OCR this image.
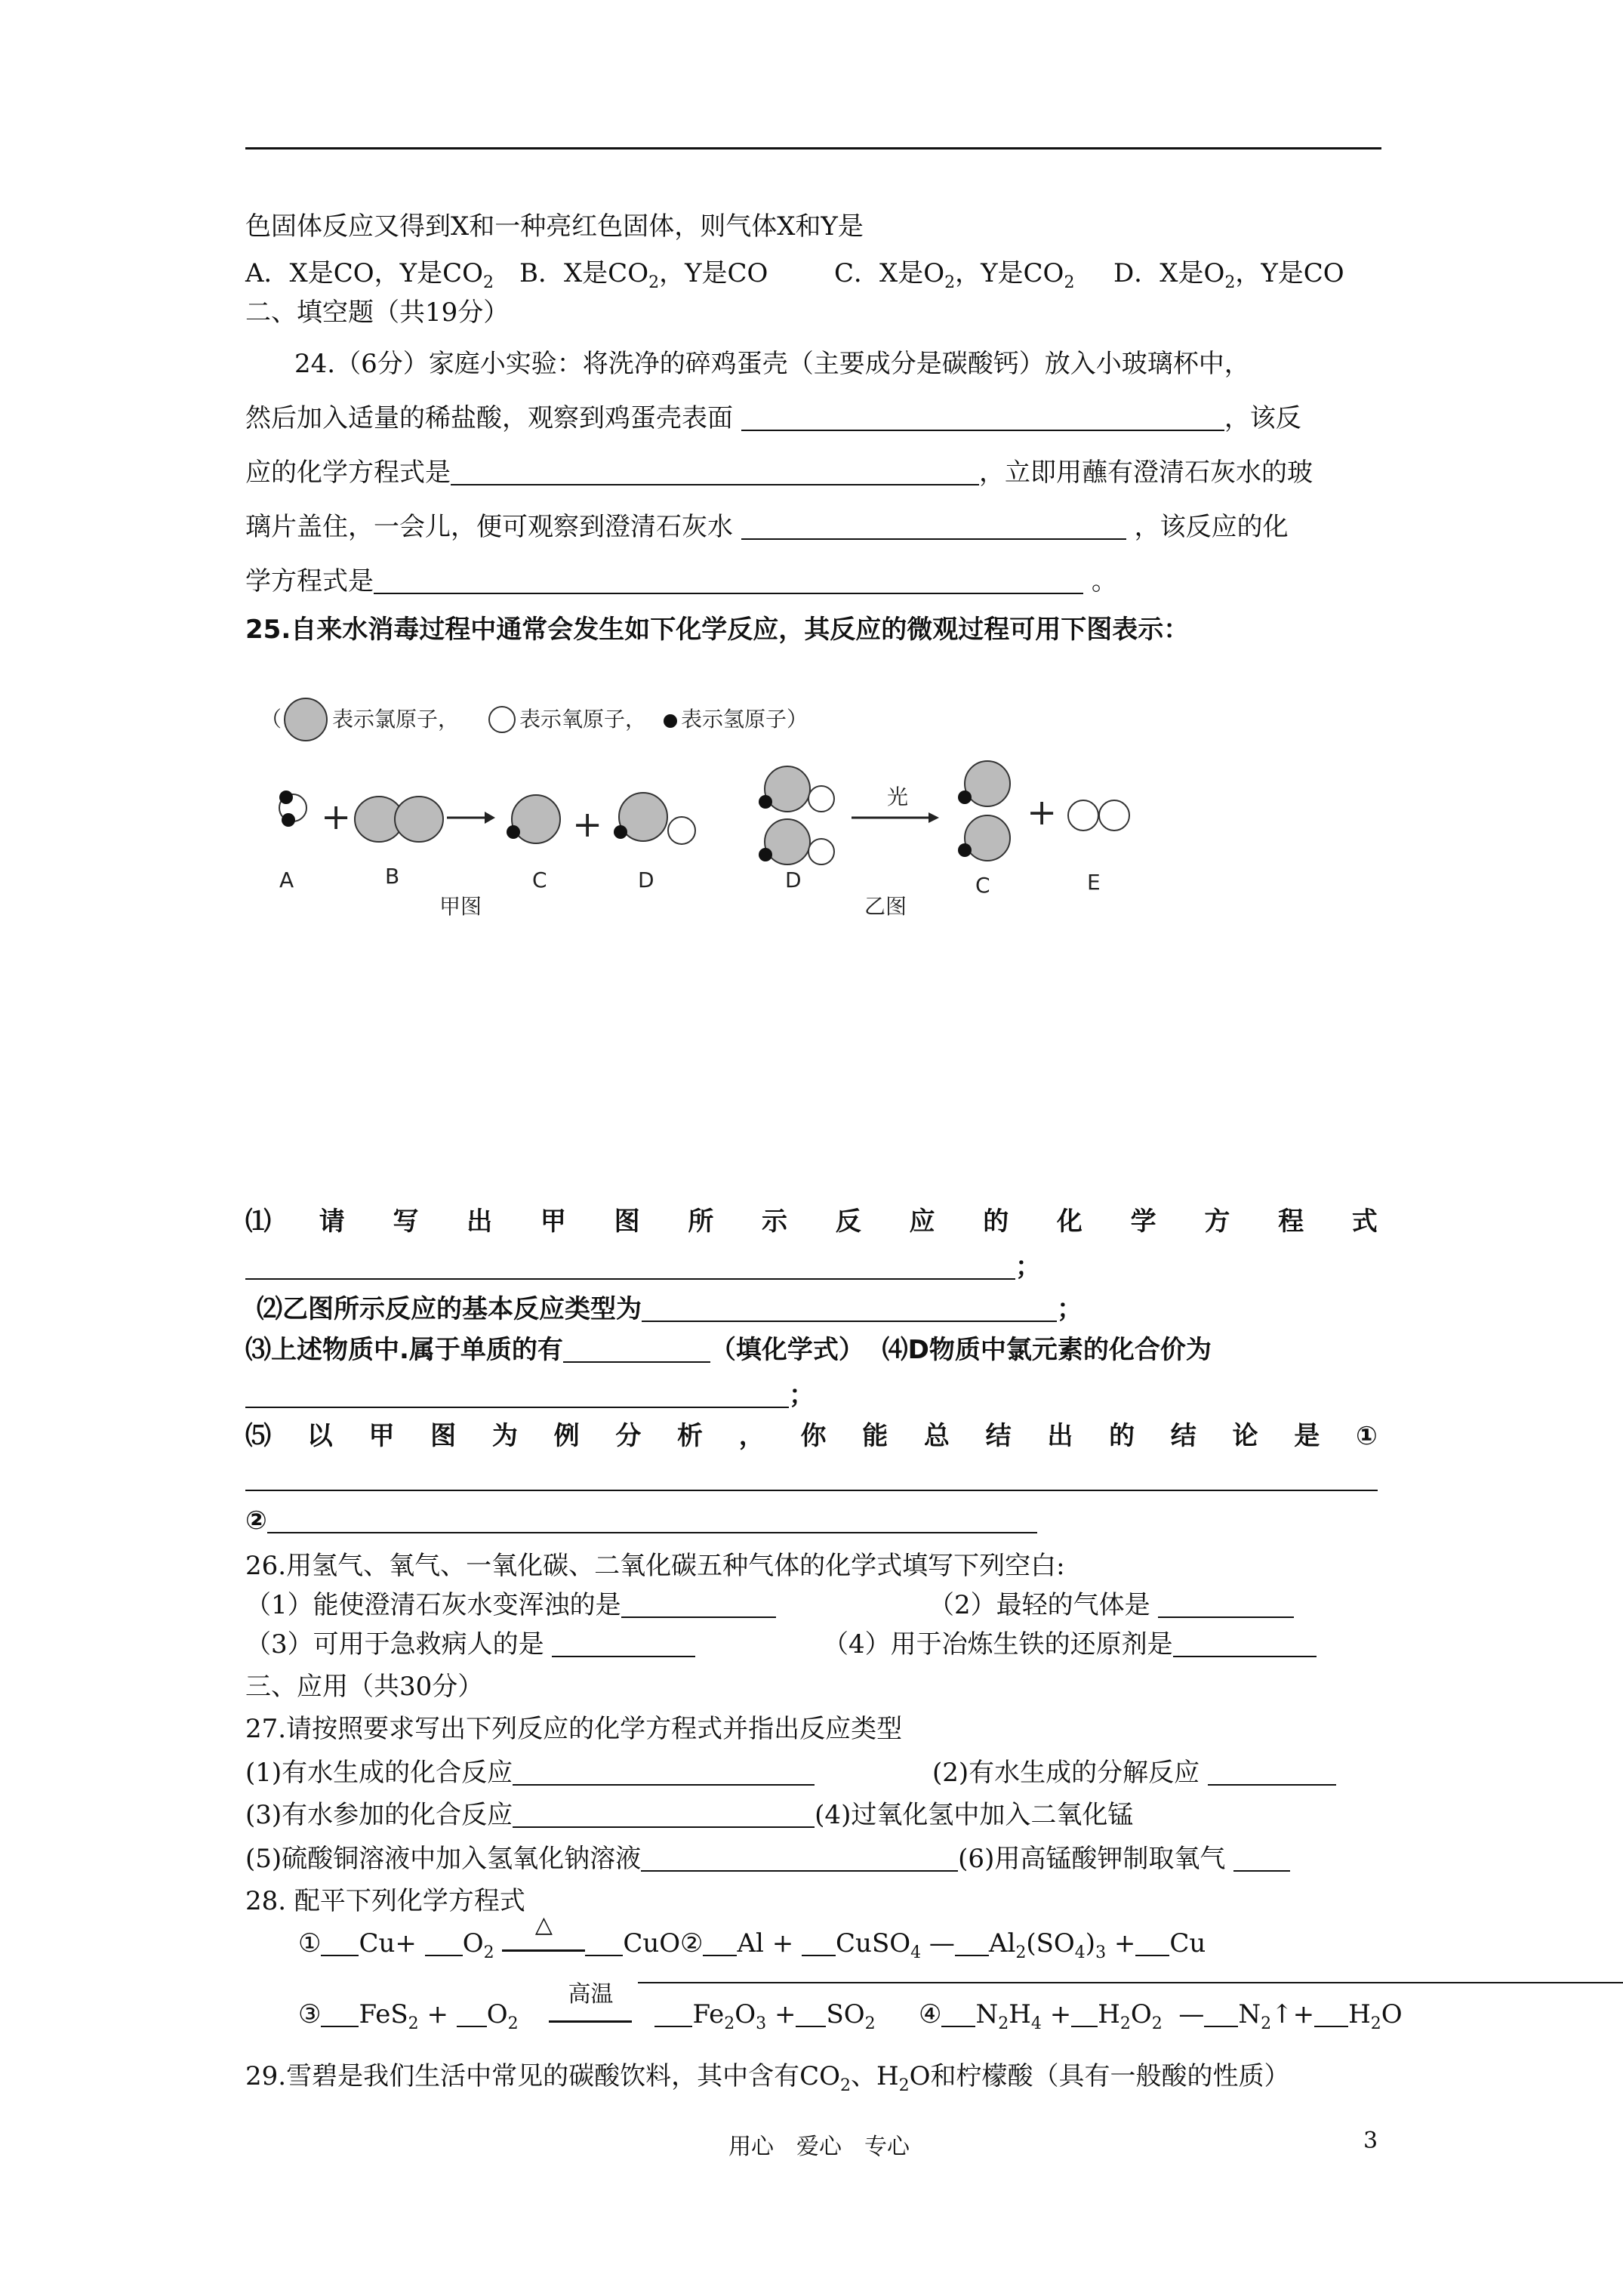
色固体反应又得到X和一种亮红色固体，则气体X和Y是
A．X是CO，Y是$CO_2$　B．X是$CO_2$，Y是CO	C．X是$O_2$，Y是$CO_2$ D．X是$O_2$，Y是CO
二、填空题（共19分）
24.（6分）家庭小实验：将洗净的碎鸡蛋壳（主要成分是碳酸钙）放入小玻璃杯中，
然后加入适量的稀盐酸，观察到鸡蛋壳表面	，该反
应的化学方程式是	，立即用蘸有澄清石灰水的玻
璃片盖住，一会儿，便可观察到澄清石灰水	，该反应的化
学方程式是	。
25.自来水消毒过程中通常会发生如下化学反应，其反应的微观过程可用下图表示：
（ 表示氯原子，	表示氧原子， 表示氢原子）
+	+
A	B	C	D
甲图
光	+
D	C	E
乙图
⑴ 请 写 出 甲 图 所 示 反 应 的 化 学 方 程 式
；
⑵乙图所示反应的基本反应类型为	；
⑶上述物质中.属于单质的有	（填化学式） ⑷D物质中氯元素的化合价为
；
⑸ 以 甲 图 为 例 分 析 ， 你 能 总 结 出 的 结 论 是 ①
②
26.用氢气、氧气、一氧化碳、二氧化碳五种气体的化学式填写下列空白:
（1）能使澄清石灰水变浑浊的是	（2）最轻的气体是
（3）可用于急救病人的是	（4）用于冶炼生铁的还原剂是
三、应用（共30分）
27.请按照要求写出下列反应的化学方程式并指出反应类型
(1)有水生成的化合反应	(2)有水生成的分解反应
(3)有水参加的化合反应	(4)过氧化氢中加入二氧化锰
(5)硫酸铜溶液中加入氢氧化钠溶液	(6)用高锰酸钾制取氧气
28. 配平下列化学方程式
① $Cu+ O_2$
△
CuO ② Al + CuSO$_4$ — $Al_2(SO_4)_3 + Cu$
③ $FeS_2 + O_2$
高温
$Fe_2O_3 + SO_2$ ④ $N_2H_4 + H_2O_2$ — $N_2↑+ H_2O$
29.雪碧是我们生活中常见的碳酸饮料，其中含有$CO_2$、$H_2O$和柠檬酸（具有一般酸的性质）
用心　爱心　专心	3
